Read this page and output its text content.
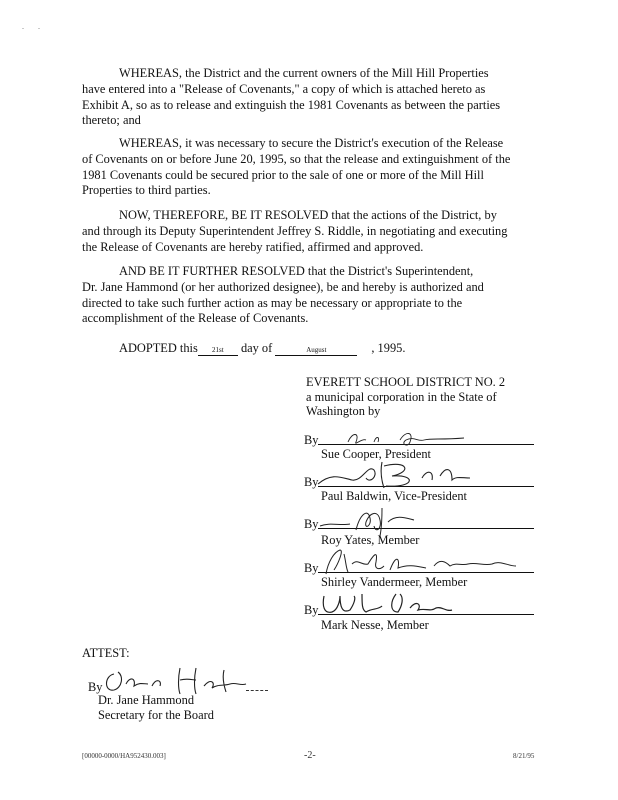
. .
WHEREAS, the District and the current owners of the Mill Hill Properties
have entered into a "Release of Covenants," a copy of which is attached hereto as
Exhibit A, so as to release and extinguish the 1981 Covenants as between the parties
thereto; and
WHEREAS, it was necessary to secure the District's execution of the Release
of Covenants on or before June 20, 1995, so that the release and extinguishment of the
1981 Covenants could be secured prior to the sale of one or more of the Mill Hill
Properties to third parties.
NOW, THEREFORE, BE IT RESOLVED that the actions of the District, by
and through its Deputy Superintendent Jeffrey S. Riddle, in negotiating and executing
the Release of Covenants are hereby ratified, affirmed and approved.
AND BE IT FURTHER RESOLVED that the District's Superintendent,
Dr. Jane Hammond (or her authorized designee), be and hereby is authorized and
directed to take such further action as may be necessary or appropriate to the
accomplishment of the Release of Covenants.
ADOPTED this 21st day of	August	, 1995.
EVERETT SCHOOL DISTRICT NO. 2
a municipal corporation in the State of
Washington by
By
Sue Cooper, President
By
Paul Baldwin, Vice-President
By
Roy Yates, Member
By
Shirley Vandermeer, Member
By
Mark Nesse, Member
ATTEST:
By
Dr. Jane Hammond
Secretary for the Board
[00000-0000/HA952430.003]	-2-	8/21/95
